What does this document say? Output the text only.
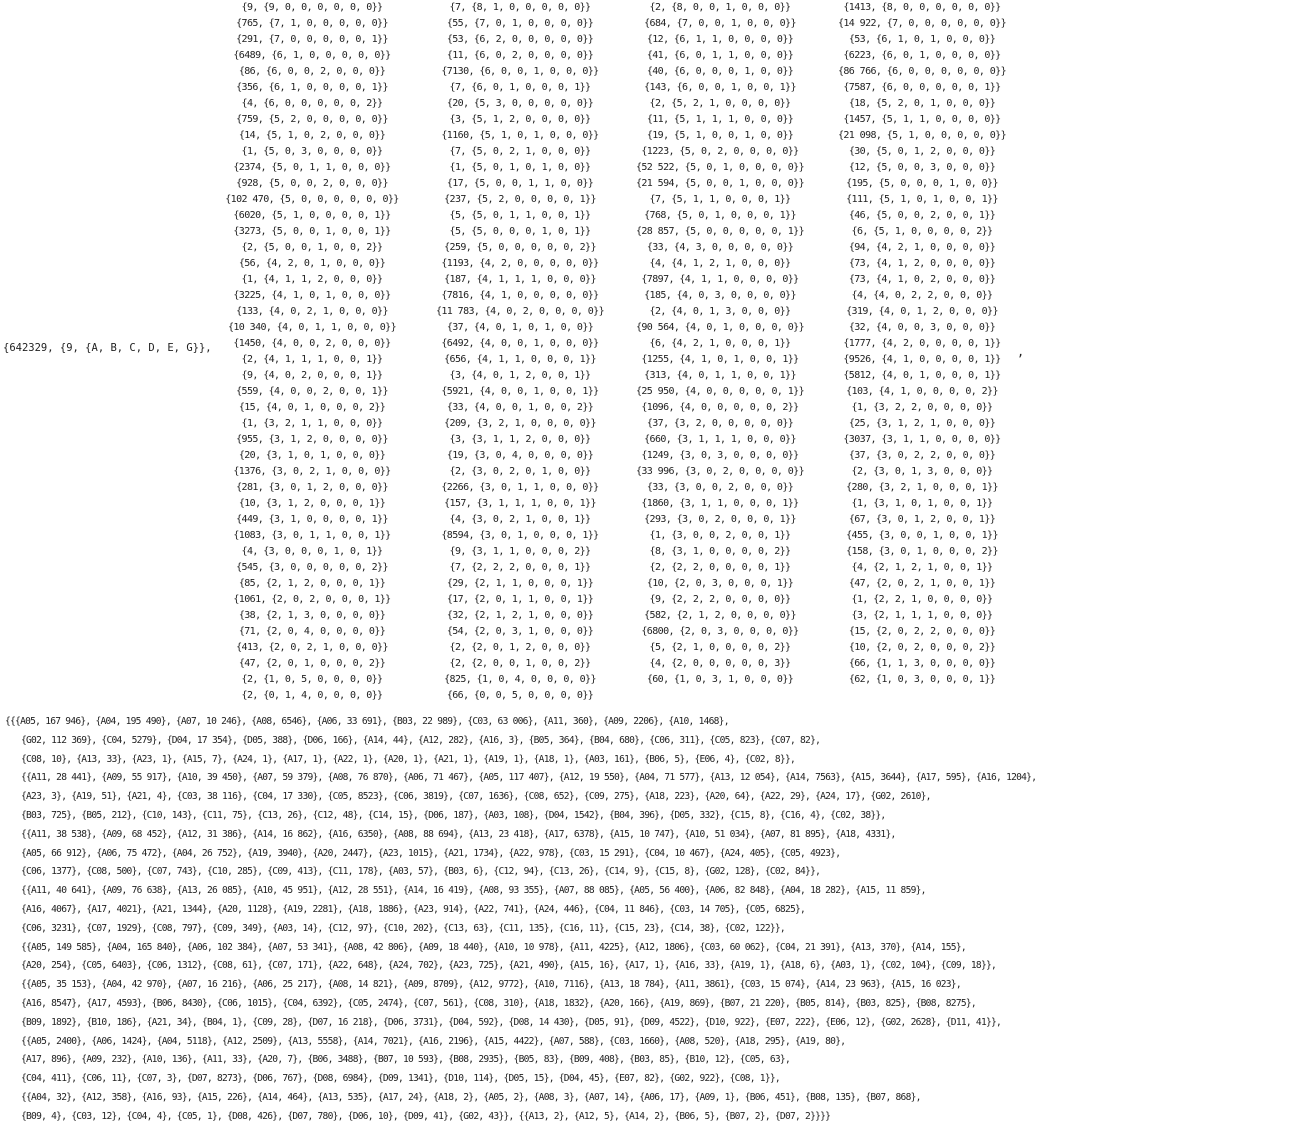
{642329, {9, {A, B, C, D, E, G}},
{9, {9, 0, 0, 0, 0, 0, 0}}
{765, {7, 1, 0, 0, 0, 0, 0}}
{291, {7, 0, 0, 0, 0, 0, 1}}
{6489, {6, 1, 0, 0, 0, 0, 0}}
{86, {6, 0, 0, 2, 0, 0, 0}}
{356, {6, 1, 0, 0, 0, 0, 1}}
{4, {6, 0, 0, 0, 0, 0, 2}}
{759, {5, 2, 0, 0, 0, 0, 0}}
{14, {5, 1, 0, 2, 0, 0, 0}}
{1, {5, 0, 3, 0, 0, 0, 0}}
{2374, {5, 0, 1, 1, 0, 0, 0}}
{928, {5, 0, 0, 2, 0, 0, 0}}
{102 470, {5, 0, 0, 0, 0, 0, 0}}
{6020, {5, 1, 0, 0, 0, 0, 1}}
{3273, {5, 0, 0, 1, 0, 0, 1}}
{2, {5, 0, 0, 1, 0, 0, 2}}
{56, {4, 2, 0, 1, 0, 0, 0}}
{1, {4, 1, 1, 2, 0, 0, 0}}
{3225, {4, 1, 0, 1, 0, 0, 0}}
{133, {4, 0, 2, 1, 0, 0, 0}}
{10 340, {4, 0, 1, 1, 0, 0, 0}}
{1450, {4, 0, 0, 2, 0, 0, 0}}
{2, {4, 1, 1, 1, 0, 0, 1}}
{9, {4, 0, 2, 0, 0, 0, 1}}
{559, {4, 0, 0, 2, 0, 0, 1}}
{15, {4, 0, 1, 0, 0, 0, 2}}
{1, {3, 2, 1, 1, 0, 0, 0}}
{955, {3, 1, 2, 0, 0, 0, 0}}
{20, {3, 1, 0, 1, 0, 0, 0}}
{1376, {3, 0, 2, 1, 0, 0, 0}}
{281, {3, 0, 1, 2, 0, 0, 0}}
{10, {3, 1, 2, 0, 0, 0, 1}}
{449, {3, 1, 0, 0, 0, 0, 1}}
{1083, {3, 0, 1, 1, 0, 0, 1}}
{4, {3, 0, 0, 0, 1, 0, 1}}
{545, {3, 0, 0, 0, 0, 0, 2}}
{85, {2, 1, 2, 0, 0, 0, 1}}
{1061, {2, 0, 2, 0, 0, 0, 1}}
{38, {2, 1, 3, 0, 0, 0, 0}}
{71, {2, 0, 4, 0, 0, 0, 0}}
{413, {2, 0, 2, 1, 0, 0, 0}}
{47, {2, 0, 1, 0, 0, 0, 2}}
{2, {1, 0, 5, 0, 0, 0, 0}}
{2, {0, 1, 4, 0, 0, 0, 0}}
{7, {8, 1, 0, 0, 0, 0, 0}}
{55, {7, 0, 1, 0, 0, 0, 0}}
{53, {6, 2, 0, 0, 0, 0, 0}}
{11, {6, 0, 2, 0, 0, 0, 0}}
{7130, {6, 0, 0, 1, 0, 0, 0}}
{7, {6, 0, 1, 0, 0, 0, 1}}
{20, {5, 3, 0, 0, 0, 0, 0}}
{3, {5, 1, 2, 0, 0, 0, 0}}
{1160, {5, 1, 0, 1, 0, 0, 0}}
{7, {5, 0, 2, 1, 0, 0, 0}}
{1, {5, 0, 1, 0, 1, 0, 0}}
{17, {5, 0, 0, 1, 1, 0, 0}}
{237, {5, 2, 0, 0, 0, 0, 1}}
{5, {5, 0, 1, 1, 0, 0, 1}}
{5, {5, 0, 0, 0, 1, 0, 1}}
{259, {5, 0, 0, 0, 0, 0, 2}}
{1193, {4, 2, 0, 0, 0, 0, 0}}
{187, {4, 1, 1, 1, 0, 0, 0}}
{7816, {4, 1, 0, 0, 0, 0, 0}}
{11 783, {4, 0, 2, 0, 0, 0, 0}}
{37, {4, 0, 1, 0, 1, 0, 0}}
{6492, {4, 0, 0, 1, 0, 0, 0}}
{656, {4, 1, 1, 0, 0, 0, 1}}
{3, {4, 0, 1, 2, 0, 0, 1}}
{5921, {4, 0, 0, 1, 0, 0, 1}}
{33, {4, 0, 0, 1, 0, 0, 2}}
{209, {3, 2, 1, 0, 0, 0, 0}}
{3, {3, 1, 1, 2, 0, 0, 0}}
{19, {3, 0, 4, 0, 0, 0, 0}}
{2, {3, 0, 2, 0, 1, 0, 0}}
{2266, {3, 0, 1, 1, 0, 0, 0}}
{157, {3, 1, 1, 1, 0, 0, 1}}
{4, {3, 0, 2, 1, 0, 0, 1}}
{8594, {3, 0, 1, 0, 0, 0, 1}}
{9, {3, 1, 1, 0, 0, 0, 2}}
{7, {2, 2, 2, 0, 0, 0, 1}}
{29, {2, 1, 1, 0, 0, 0, 1}}
{17, {2, 0, 1, 1, 0, 0, 1}}
{32, {2, 1, 2, 1, 0, 0, 0}}
{54, {2, 0, 3, 1, 0, 0, 0}}
{2, {2, 0, 1, 2, 0, 0, 0}}
{2, {2, 0, 0, 1, 0, 0, 2}}
{825, {1, 0, 4, 0, 0, 0, 0}}
{66, {0, 0, 5, 0, 0, 0, 0}}
{2, {8, 0, 0, 1, 0, 0, 0}}
{684, {7, 0, 0, 1, 0, 0, 0}}
{12, {6, 1, 1, 0, 0, 0, 0}}
{41, {6, 0, 1, 1, 0, 0, 0}}
{40, {6, 0, 0, 0, 1, 0, 0}}
{143, {6, 0, 0, 1, 0, 0, 1}}
{2, {5, 2, 1, 0, 0, 0, 0}}
{11, {5, 1, 1, 1, 0, 0, 0}}
{19, {5, 1, 0, 0, 1, 0, 0}}
{1223, {5, 0, 2, 0, 0, 0, 0}}
{52 522, {5, 0, 1, 0, 0, 0, 0}}
{21 594, {5, 0, 0, 1, 0, 0, 0}}
{7, {5, 1, 1, 0, 0, 0, 1}}
{768, {5, 0, 1, 0, 0, 0, 1}}
{28 857, {5, 0, 0, 0, 0, 0, 1}}
{33, {4, 3, 0, 0, 0, 0, 0}}
{4, {4, 1, 2, 1, 0, 0, 0}}
{7897, {4, 1, 1, 0, 0, 0, 0}}
{185, {4, 0, 3, 0, 0, 0, 0}}
{2, {4, 0, 1, 3, 0, 0, 0}}
{90 564, {4, 0, 1, 0, 0, 0, 0}}
{6, {4, 2, 1, 0, 0, 0, 1}}
{1255, {4, 1, 0, 1, 0, 0, 1}}
{313, {4, 0, 1, 1, 0, 0, 1}}
{25 950, {4, 0, 0, 0, 0, 0, 1}}
{1096, {4, 0, 0, 0, 0, 0, 2}}
{37, {3, 2, 0, 0, 0, 0, 0}}
{660, {3, 1, 1, 1, 0, 0, 0}}
{1249, {3, 0, 3, 0, 0, 0, 0}}
{33 996, {3, 0, 2, 0, 0, 0, 0}}
{33, {3, 0, 0, 2, 0, 0, 0}}
{1860, {3, 1, 1, 0, 0, 0, 1}}
{293, {3, 0, 2, 0, 0, 0, 1}}
{1, {3, 0, 0, 2, 0, 0, 1}}
{8, {3, 1, 0, 0, 0, 0, 2}}
{2, {2, 2, 0, 0, 0, 0, 1}}
{10, {2, 0, 3, 0, 0, 0, 1}}
{9, {2, 2, 2, 0, 0, 0, 0}}
{582, {2, 1, 2, 0, 0, 0, 0}}
{6800, {2, 0, 3, 0, 0, 0, 0}}
{5, {2, 1, 0, 0, 0, 0, 2}}
{4, {2, 0, 0, 0, 0, 0, 3}}
{60, {1, 0, 3, 1, 0, 0, 0}}
{1413, {8, 0, 0, 0, 0, 0, 0}}
{14 922, {7, 0, 0, 0, 0, 0, 0}}
{53, {6, 1, 0, 1, 0, 0, 0}}
{6223, {6, 0, 1, 0, 0, 0, 0}}
{86 766, {6, 0, 0, 0, 0, 0, 0}}
{7587, {6, 0, 0, 0, 0, 0, 1}}
{18, {5, 2, 0, 1, 0, 0, 0}}
{1457, {5, 1, 1, 0, 0, 0, 0}}
{21 098, {5, 1, 0, 0, 0, 0, 0}}
{30, {5, 0, 1, 2, 0, 0, 0}}
{12, {5, 0, 0, 3, 0, 0, 0}}
{195, {5, 0, 0, 0, 1, 0, 0}}
{111, {5, 1, 0, 1, 0, 0, 1}}
{46, {5, 0, 0, 2, 0, 0, 1}}
{6, {5, 1, 0, 0, 0, 0, 2}}
{94, {4, 2, 1, 0, 0, 0, 0}}
{73, {4, 1, 2, 0, 0, 0, 0}}
{73, {4, 1, 0, 2, 0, 0, 0}}
{4, {4, 0, 2, 2, 0, 0, 0}}
{319, {4, 0, 1, 2, 0, 0, 0}}
{32, {4, 0, 0, 3, 0, 0, 0}}
{1777, {4, 2, 0, 0, 0, 0, 1}}
{9526, {4, 1, 0, 0, 0, 0, 1}}
{5812, {4, 0, 1, 0, 0, 0, 1}}
{103, {4, 1, 0, 0, 0, 0, 2}}
{1, {3, 2, 2, 0, 0, 0, 0}}
{25, {3, 1, 2, 1, 0, 0, 0}}
{3037, {3, 1, 1, 0, 0, 0, 0}}
{37, {3, 0, 2, 2, 0, 0, 0}}
{2, {3, 0, 1, 3, 0, 0, 0}}
{280, {3, 2, 1, 0, 0, 0, 1}}
{1, {3, 1, 0, 1, 0, 0, 1}}
{67, {3, 0, 1, 2, 0, 0, 1}}
{455, {3, 0, 0, 1, 0, 0, 1}}
{158, {3, 0, 1, 0, 0, 0, 2}}
{4, {2, 1, 2, 1, 0, 0, 1}}
{47, {2, 0, 2, 1, 0, 0, 1}}
{1, {2, 2, 1, 0, 0, 0, 0}}
{3, {2, 1, 1, 1, 0, 0, 0}}
{15, {2, 0, 2, 2, 0, 0, 0}}
{10, {2, 0, 2, 0, 0, 0, 2}}
{66, {1, 1, 3, 0, 0, 0, 0}}
{62, {1, 0, 3, 0, 0, 0, 1}}
,
{{{A05, 167 946}, {A04, 195 490}, {A07, 10 246}, {A08, 6546}, {A06, 33 691}, {B03, 22 989}, {C03, 63 006}, {A11, 360}, {A09, 2206}, {A10, 1468},
{G02, 112 369}, {C04, 5279}, {D04, 17 354}, {D05, 388}, {D06, 166}, {A14, 44}, {A12, 282}, {A16, 3}, {B05, 364}, {B04, 680}, {C06, 311}, {C05, 823}, {C07, 82},
{C08, 10}, {A13, 33}, {A23, 1}, {A15, 7}, {A24, 1}, {A17, 1}, {A22, 1}, {A20, 1}, {A21, 1}, {A19, 1}, {A18, 1}, {A03, 161}, {B06, 5}, {E06, 4}, {C02, 8}},
{{A11, 28 441}, {A09, 55 917}, {A10, 39 450}, {A07, 59 379}, {A08, 76 870}, {A06, 71 467}, {A05, 117 407}, {A12, 19 550}, {A04, 71 577}, {A13, 12 054}, {A14, 7563}, {A15, 3644}, {A17, 595}, {A16, 1204},
{A23, 3}, {A19, 51}, {A21, 4}, {C03, 38 116}, {C04, 17 330}, {C05, 8523}, {C06, 3819}, {C07, 1636}, {C08, 652}, {C09, 275}, {A18, 223}, {A20, 64}, {A22, 29}, {A24, 17}, {G02, 2610},
{B03, 725}, {B05, 212}, {C10, 143}, {C11, 75}, {C13, 26}, {C12, 48}, {C14, 15}, {D06, 187}, {A03, 108}, {D04, 1542}, {B04, 396}, {D05, 332}, {C15, 8}, {C16, 4}, {C02, 38}},
{{A11, 38 538}, {A09, 68 452}, {A12, 31 386}, {A14, 16 862}, {A16, 6350}, {A08, 88 694}, {A13, 23 418}, {A17, 6378}, {A15, 10 747}, {A10, 51 034}, {A07, 81 895}, {A18, 4331},
{A05, 66 912}, {A06, 75 472}, {A04, 26 752}, {A19, 3940}, {A20, 2447}, {A23, 1015}, {A21, 1734}, {A22, 978}, {C03, 15 291}, {C04, 10 467}, {A24, 405}, {C05, 4923},
{C06, 1377}, {C08, 500}, {C07, 743}, {C10, 285}, {C09, 413}, {C11, 178}, {A03, 57}, {B03, 6}, {C12, 94}, {C13, 26}, {C14, 9}, {C15, 8}, {G02, 128}, {C02, 84}},
{{A11, 40 641}, {A09, 76 638}, {A13, 26 085}, {A10, 45 951}, {A12, 28 551}, {A14, 16 419}, {A08, 93 355}, {A07, 88 085}, {A05, 56 400}, {A06, 82 848}, {A04, 18 282}, {A15, 11 859},
{A16, 4067}, {A17, 4021}, {A21, 1344}, {A20, 1128}, {A19, 2281}, {A18, 1886}, {A23, 914}, {A22, 741}, {A24, 446}, {C04, 11 846}, {C03, 14 705}, {C05, 6825},
{C06, 3231}, {C07, 1929}, {C08, 797}, {C09, 349}, {A03, 14}, {C12, 97}, {C10, 202}, {C13, 63}, {C11, 135}, {C16, 11}, {C15, 23}, {C14, 38}, {C02, 122}},
{{A05, 149 585}, {A04, 165 840}, {A06, 102 384}, {A07, 53 341}, {A08, 42 806}, {A09, 18 440}, {A10, 10 978}, {A11, 4225}, {A12, 1806}, {C03, 60 062}, {C04, 21 391}, {A13, 370}, {A14, 155},
{A20, 254}, {C05, 6403}, {C06, 1312}, {C08, 61}, {C07, 171}, {A22, 648}, {A24, 702}, {A23, 725}, {A21, 490}, {A15, 16}, {A17, 1}, {A16, 33}, {A19, 1}, {A18, 6}, {A03, 1}, {C02, 104}, {C09, 18}},
{{A05, 35 153}, {A04, 42 970}, {A07, 16 216}, {A06, 25 217}, {A08, 14 821}, {A09, 8709}, {A12, 9772}, {A10, 7116}, {A13, 18 784}, {A11, 3861}, {C03, 15 074}, {A14, 23 963}, {A15, 16 023},
{A16, 8547}, {A17, 4593}, {B06, 8430}, {C06, 1015}, {C04, 6392}, {C05, 2474}, {C07, 561}, {C08, 310}, {A18, 1832}, {A20, 166}, {A19, 869}, {B07, 21 220}, {B05, 814}, {B03, 825}, {B08, 8275},
{B09, 1892}, {B10, 186}, {A21, 34}, {B04, 1}, {C09, 28}, {D07, 16 218}, {D06, 3731}, {D04, 592}, {D08, 14 430}, {D05, 91}, {D09, 4522}, {D10, 922}, {E07, 222}, {E06, 12}, {G02, 2628}, {D11, 41}},
{{A05, 2400}, {A06, 1424}, {A04, 5118}, {A12, 2509}, {A13, 5558}, {A14, 7021}, {A16, 2196}, {A15, 4422}, {A07, 588}, {C03, 1660}, {A08, 520}, {A18, 295}, {A19, 80},
{A17, 896}, {A09, 232}, {A10, 136}, {A11, 33}, {A20, 7}, {B06, 3488}, {B07, 10 593}, {B08, 2935}, {B05, 83}, {B09, 408}, {B03, 85}, {B10, 12}, {C05, 63},
{C04, 411}, {C06, 11}, {C07, 3}, {D07, 8273}, {D06, 767}, {D08, 6984}, {D09, 1341}, {D10, 114}, {D05, 15}, {D04, 45}, {E07, 82}, {G02, 922}, {C08, 1}},
{{A04, 32}, {A12, 358}, {A16, 93}, {A15, 226}, {A14, 464}, {A13, 535}, {A17, 24}, {A18, 2}, {A05, 2}, {A08, 3}, {A07, 14}, {A06, 17}, {A09, 1}, {B06, 451}, {B08, 135}, {B07, 868},
{B09, 4}, {C03, 12}, {C04, 4}, {C05, 1}, {D08, 426}, {D07, 780}, {D06, 10}, {D09, 41}, {G02, 43}}, {{A13, 2}, {A12, 5}, {A14, 2}, {B06, 5}, {B07, 2}, {D07, 2}}}}
